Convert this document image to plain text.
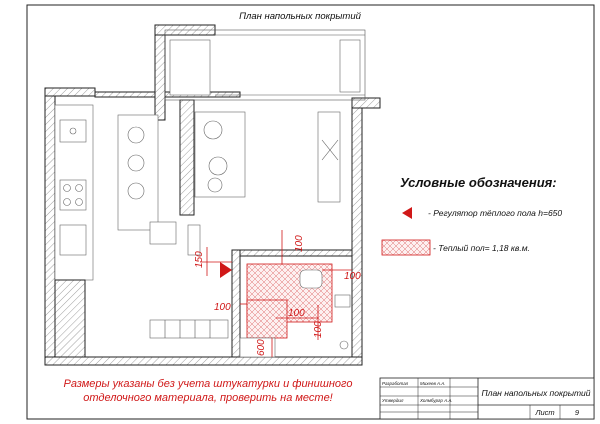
План напольных покрытий
150
100
100
100
100
100
600
Условные обозначения:
- Регулятор тёплого пола h=650
- Теплый пол= 1,18 кв.м.
Размеры указаны без учета штукатурки и финишного
отделочного материала, проверить на месте!
Разработал	Михеев А.А.
Утвердил	Холмбургр А.А.
План напольных покрытий
Лист	9
